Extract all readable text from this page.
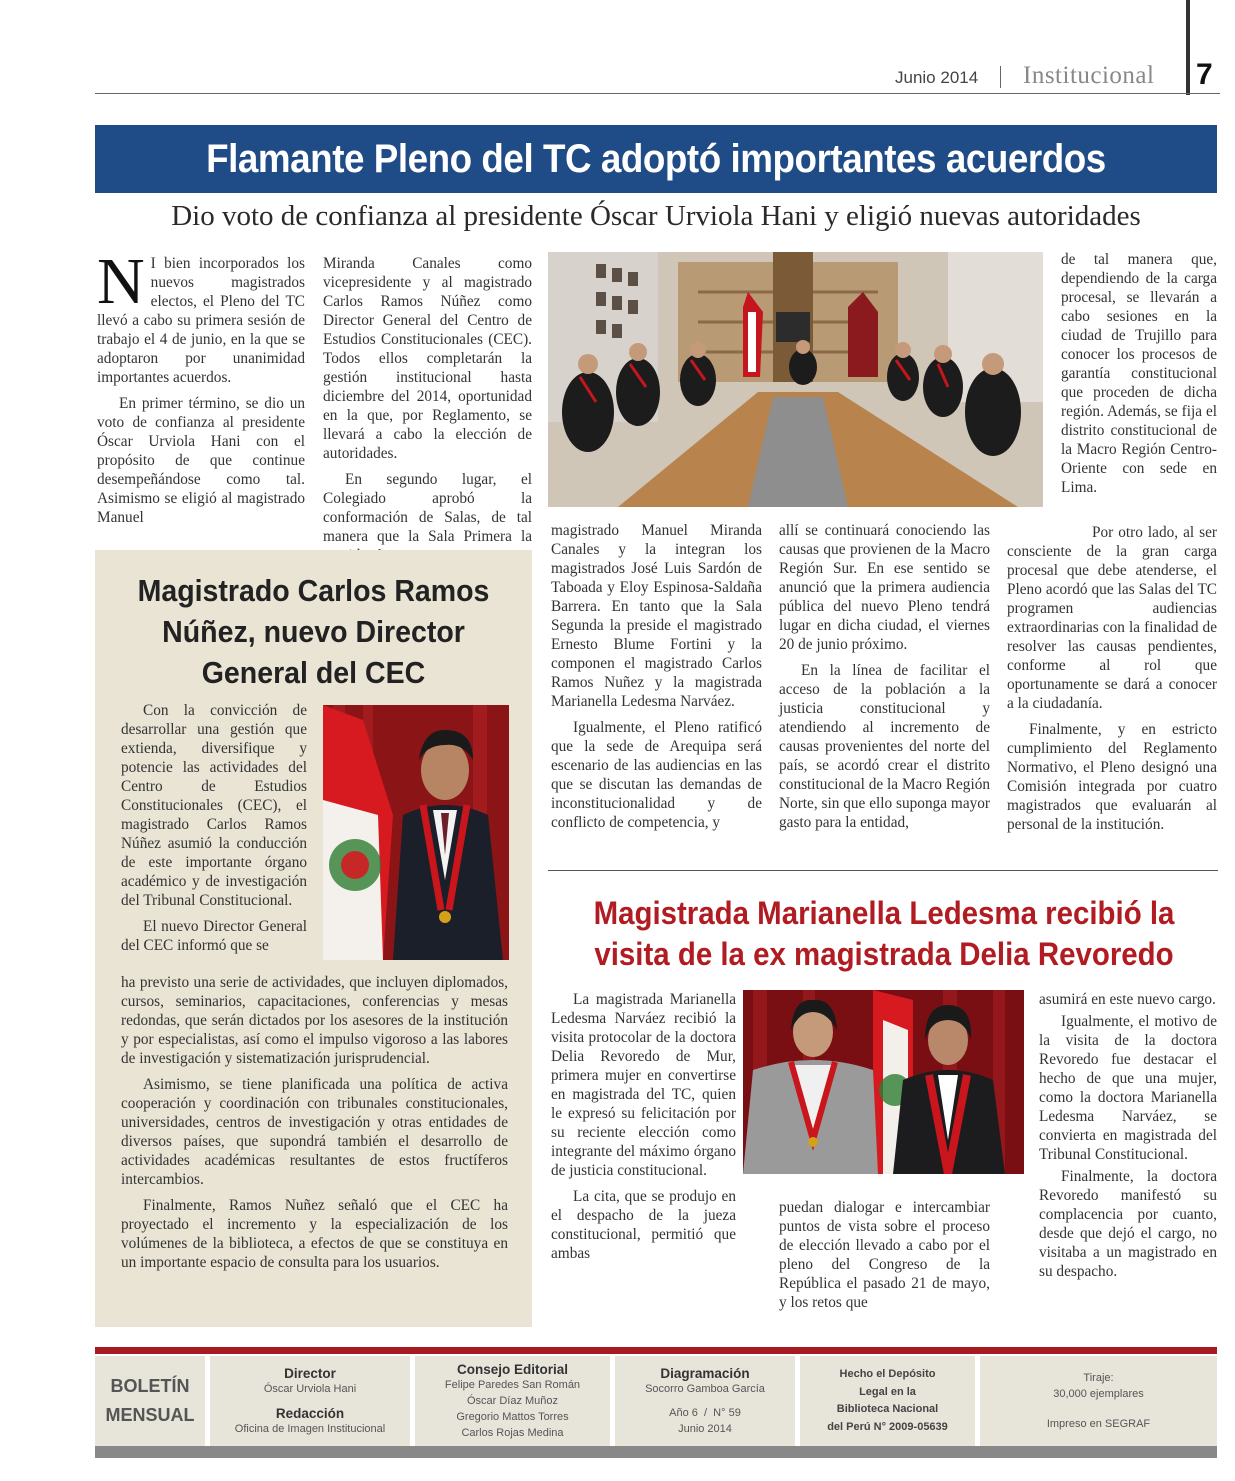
Junio 2014 Institucional 7
Flamante Pleno del TC adoptó importantes acuerdos
Dio voto de confianza al presidente Óscar Urviola Hani y eligió nuevas autoridades

N I bien incorporados los nuevos magistrados electos, el Pleno del TC llevó a cabo su primera sesión de trabajo el 4 de junio, en la que se adoptaron por unanimidad importantes acuerdos.

En primer término, se dio un voto de confianza al presidente Óscar Urviola Hani con el propósito de que continue desempeñándose como tal. Asimismo se eligió al magistrado Manuel

Miranda Canales como vicepresidente y al magistrado Carlos Ramos Núñez como Director General del Centro de Estudios Constitucionales (CEC). Todos ellos completarán la gestión institucional hasta diciembre del 2014, oportunidad en la que, por Reglamento, se llevará a cabo la elección de autoridades.

En segundo lugar, el Colegiado aprobó la conformación de Salas, de tal manera que la Sala Primera la magistrado Manuel Miranda Canales y la integran los magistrados José Luis Sardón de Taboada y Eloy Espinosa-Saldaña Barrera. En tanto que la Sala Segunda la preside el magistrado Ernesto Blume Fortini y la componen el magistrado Carlos Ramos Nuñez y la magistrada Marianella Ledesma Narváez.

Igualmente, el Pleno ratificó que la sede de Arequipa será escenario de las audiencias en las que se discutan las demandas de inconstitucionalidad y de conflicto de competencia, y

allí se continuará conociendo las causas que provienen de la Macro Región Sur. En ese sentido se anunció que la primera audiencia pública del nuevo Pleno tendrá lugar en dicha ciudad, el viernes 20 de junio próximo.

En la línea de facilitar el acceso de la población a la justicia constitucional y atendiendo al incremento de causas provenientes del norte del país, se acordó crear el distrito constitucional de la Macro Región Norte, sin que ello suponga mayor gasto para la entidad,

de tal manera que, dependiendo de la carga procesal, se llevarán a cabo sesiones en la ciudad de Trujillo para conocer los procesos de garantía constitucional que proceden de dicha región. Además, se fija el distrito constitucional de la Macro Región Centro-Oriente con sede en Lima.

Por otro lado, al ser consciente de la gran carga procesal que debe atenderse, el Pleno acordó que las Salas del TC programen audiencias extraordinarias con la finalidad de resolver las causas pendientes, conforme al rol que oportunamente se dará a conocer a la ciudadanía.

Finalmente, y en estricto cumplimiento del Reglamento Normativo, el Pleno designó una Comisión integrada por cuatro magistrados que evaluarán al personal de la institución.

Magistrado Carlos Ramos Núñez, nuevo Director General del CEC

Con la convicción de desarrollar una gestión que extienda, diversifique y potencie las actividades del Centro de Estudios Constitucionales (CEC), el magistrado Carlos Ramos Núñez asumió la conducción de este importante órgano académico y de investigación del Tribunal Constitucional.

El nuevo Director General del CEC informó que se

ha previsto una serie de actividades, que incluyen diplomados, cursos, seminarios, capacitaciones, conferencias y mesas redondas, que serán dictados por los asesores de la institución y por especialistas, así como el impulso vigoroso a las labores de investigación y sistematización jurisprudencial.

Asimismo, se tiene planificada una política de activa cooperación y coordinación con tribunales constitucionales, universidades, centros de investigación y otras entidades de diversos países, que supondrá también el desarrollo de actividades académicas resultantes de estos fructíferos intercambios.

Finalmente, Ramos Nuñez señaló que el CEC ha proyectado el incremento y la especialización de los volúmenes de la biblioteca, a efectos de que se constituya en un importante espacio de consulta para los usuarios.

Magistrada Marianella Ledesma recibió la visita de la ex magistrada Delia Revoredo

La magistrada Marianella Ledesma Narváez recibió la visita protocolar de la doctora Delia Revoredo de Mur, primera mujer en convertirse en magistrada del TC, quien le expresó su felicitación por su reciente elección como integrante del máximo órgano de justicia constitucional.

La cita, que se produjo en el despacho de la jueza constitucional, permitió que ambas

puedan dialogar e intercambiar puntos de vista sobre el proceso de elección llevado a cabo por el pleno del Congreso de la República el pasado 21 de mayo, y los retos que

asumirá en este nuevo cargo.

Igualmente, el motivo de la visita de la doctora Revoredo fue destacar el hecho de que una mujer, como la doctora Marianella Ledesma Narváez, se convierta en magistrada del Tribunal Constitucional.

Finalmente, la doctora Revoredo manifestó su complacencia por cuanto, desde que dejó el cargo, no visitaba a un magistrado en su despacho.

BOLETÍN
MENSUAL
Director
Óscar Urviola Hani
Redacción
Oficina de Imagen Institucional
Consejo Editorial
Felipe Paredes San Román
Óscar Díaz Muñoz
Gregorio Mattos Torres
Carlos Rojas Medina
Diagramación
Socorro Gamboa García
Año 6  /  N° 59
Junio 2014
Hecho el Depósito
Legal en la
Biblioteca Nacional
del Perú N° 2009-05639
Tiraje:
30,000 ejemplares
Impreso en SEGRAF
